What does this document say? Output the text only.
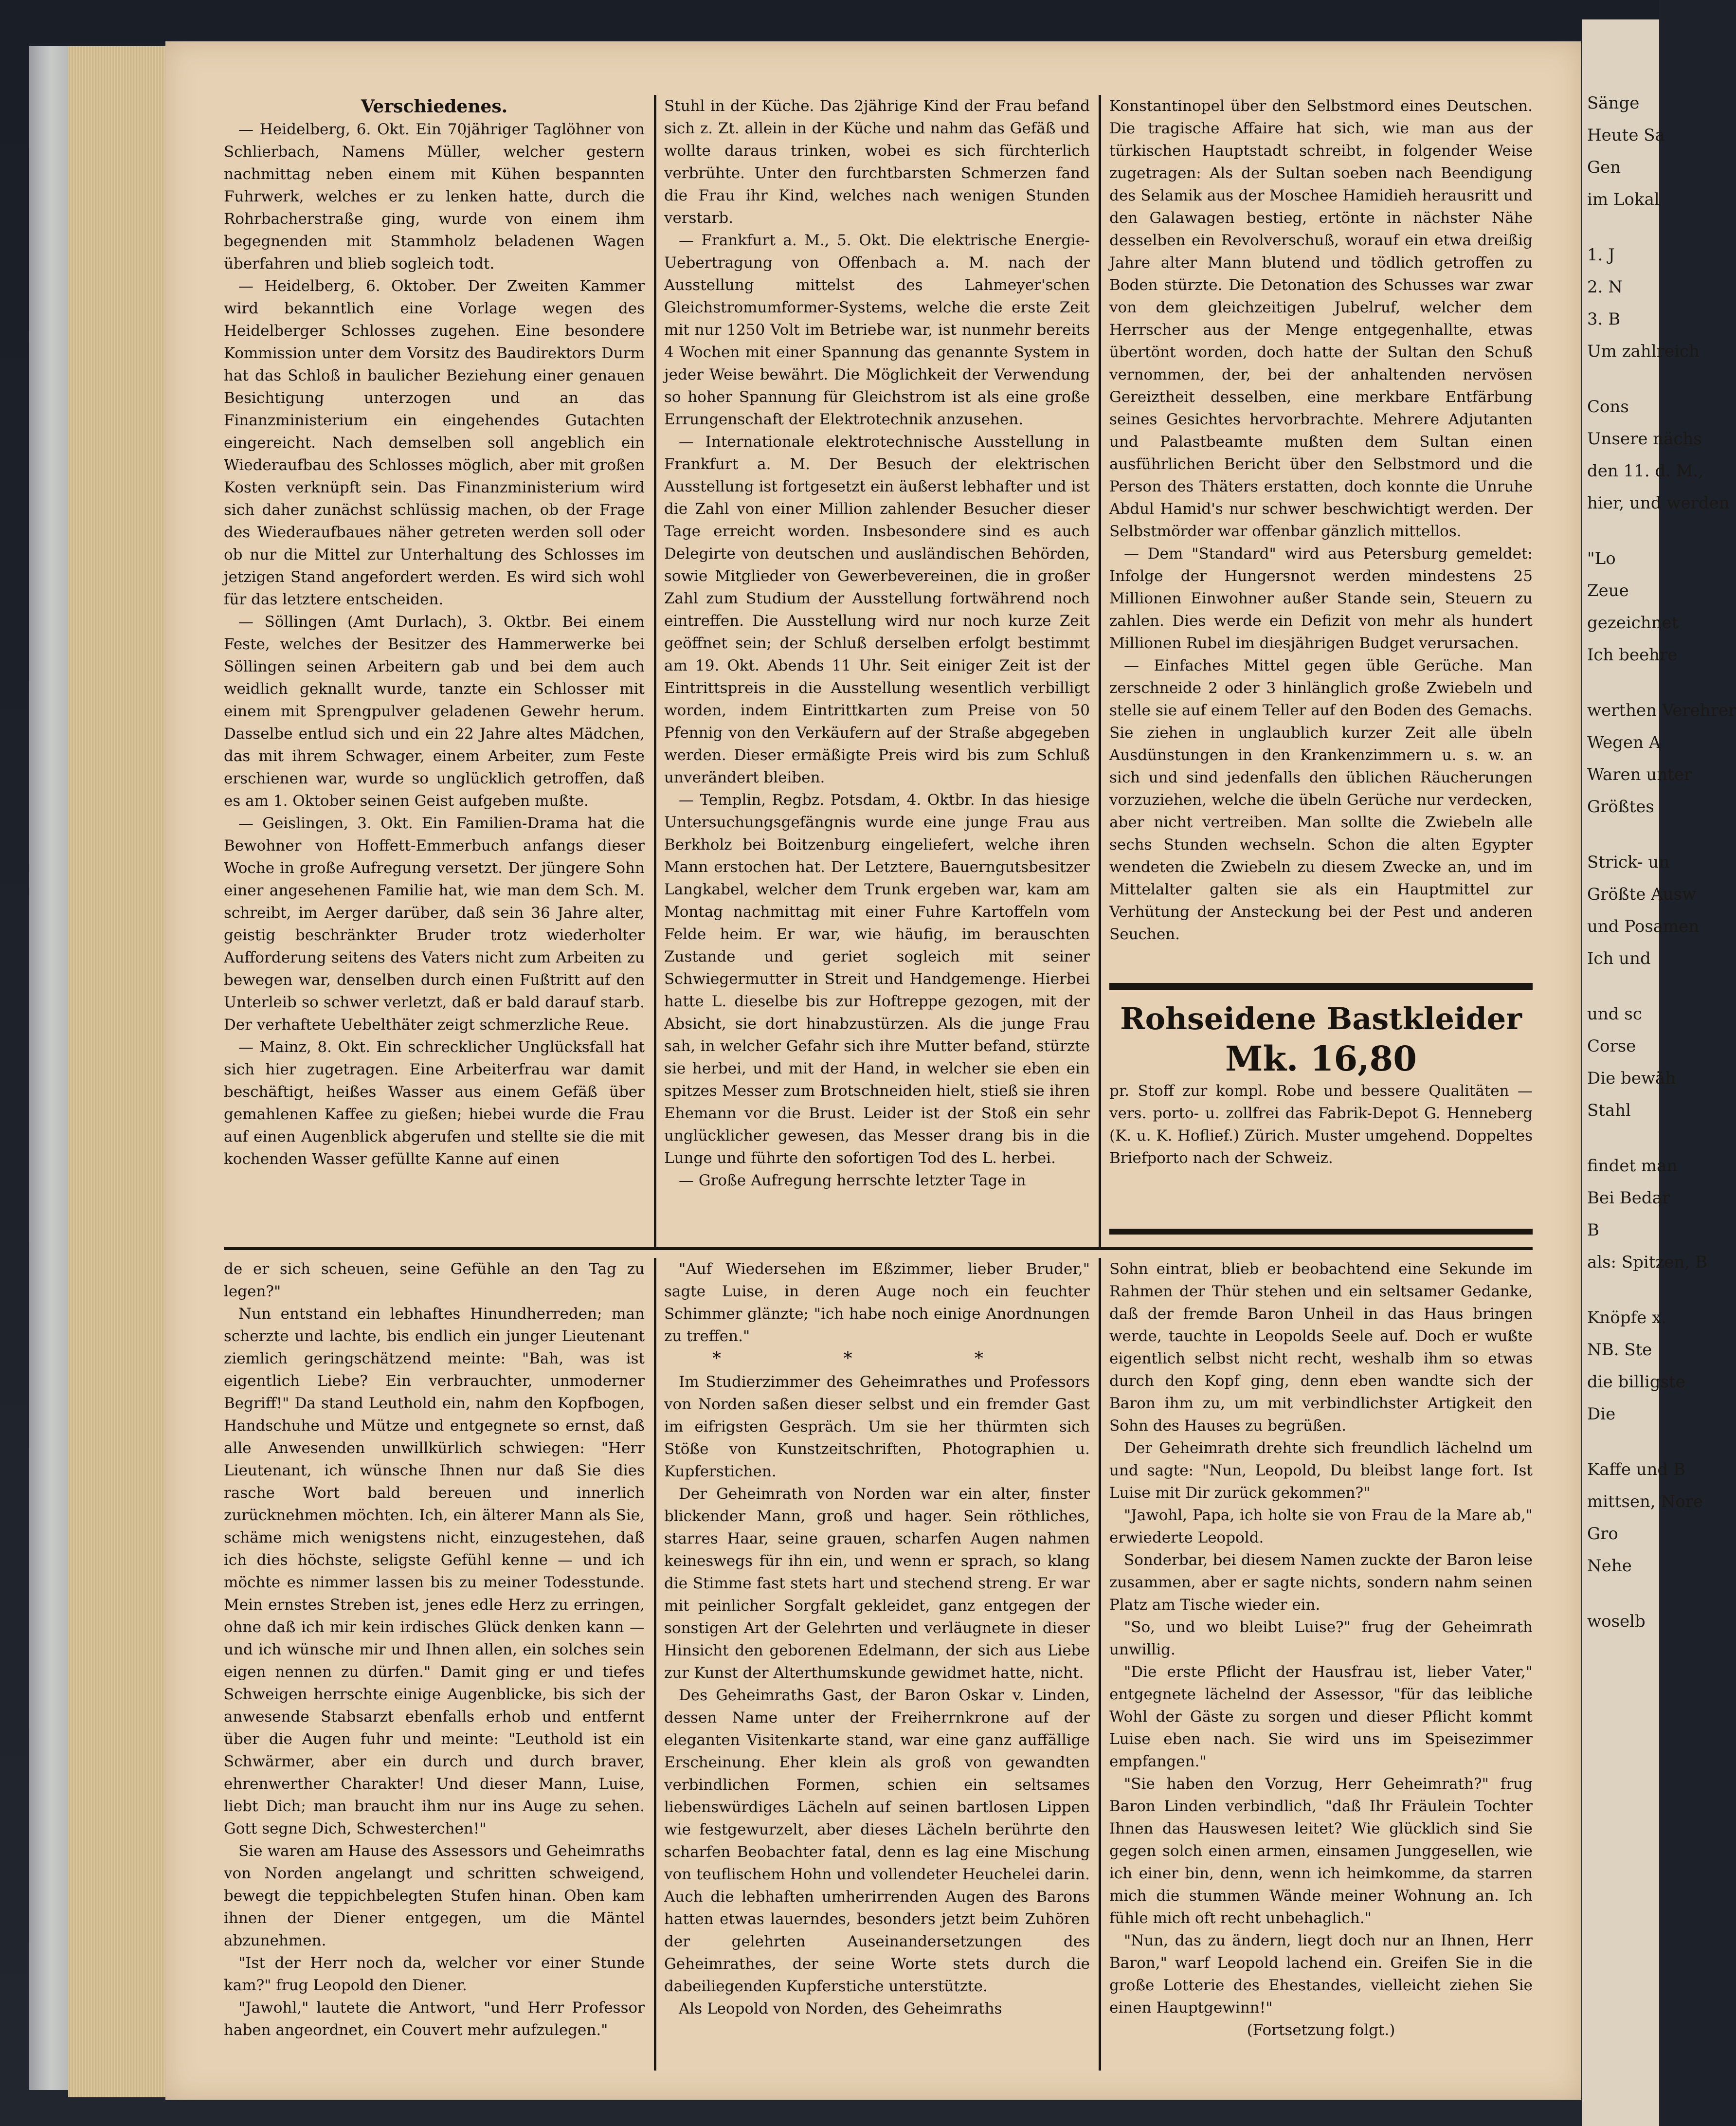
Verschiedenes.

— Heidelberg, 6. Okt. Ein 70jähriger Taglöhner von Schlierbach, Namens Müller, welcher gestern nachmittag neben einem mit Kühen bespannten Fuhrwerk, welches er zu lenken hatte, durch die Rohrbacherstraße ging, wurde von einem ihm begegnenden mit Stammholz beladenen Wagen überfahren und blieb sogleich todt.

— Heidelberg, 6. Oktober. Der Zweiten Kammer wird bekanntlich eine Vorlage wegen des Heidelberger Schlosses zugehen. Eine besondere Kommission unter dem Vorsitz des Baudirektors Durm hat das Schloß in baulicher Beziehung einer genauen Besichtigung unterzogen und an das Finanzministerium ein eingehendes Gutachten eingereicht. Nach demselben soll angeblich ein Wiederaufbau des Schlosses möglich, aber mit großen Kosten verknüpft sein. Das Finanzministerium wird sich daher zunächst schlüssig machen, ob der Frage des Wiederaufbaues näher getreten werden soll oder ob nur die Mittel zur Unterhaltung des Schlosses im jetzigen Stand angefordert werden. Es wird sich wohl für das letztere entscheiden.

— Söllingen (Amt Durlach), 3. Oktbr. Bei einem Feste, welches der Besitzer des Hammerwerke bei Söllingen seinen Arbeitern gab und bei dem auch weidlich geknallt wurde, tanzte ein Schlosser mit einem mit Sprengpulver geladenen Gewehr herum. Dasselbe entlud sich und ein 22 Jahre altes Mädchen, das mit ihrem Schwager, einem Arbeiter, zum Feste erschienen war, wurde so unglücklich getroffen, daß es am 1. Oktober seinen Geist aufgeben mußte.

— Geislingen, 3. Okt. Ein Familien-Drama hat die Bewohner von Hoffett-Emmerbuch anfangs dieser Woche in große Aufregung versetzt. Der jüngere Sohn einer angesehenen Familie hat, wie man dem Sch. M. schreibt, im Aerger darüber, daß sein 36 Jahre alter, geistig beschränkter Bruder trotz wiederholter Aufforderung seitens des Vaters nicht zum Arbeiten zu bewegen war, denselben durch einen Fußtritt auf den Unterleib so schwer verletzt, daß er bald darauf starb. Der verhaftete Uebelthäter zeigt schmerzliche Reue.

— Mainz, 8. Okt. Ein schrecklicher Unglücksfall hat sich hier zugetragen. Eine Arbeiterfrau war damit beschäftigt, heißes Wasser aus einem Gefäß über gemahlenen Kaffee zu gießen; hiebei wurde die Frau auf einen Augenblick abgerufen und stellte sie die mit kochenden Wasser gefüllte Kanne auf einen

Stuhl in der Küche. Das 2jährige Kind der Frau befand sich z. Zt. allein in der Küche und nahm das Gefäß und wollte daraus trinken, wobei es sich fürchterlich verbrühte. Unter den furchtbarsten Schmerzen fand die Frau ihr Kind, welches nach wenigen Stunden verstarb.

— Frankfurt a. M., 5. Okt. Die elektrische Energie-Uebertragung von Offenbach a. M. nach der Ausstellung mittelst des Lahmeyer'schen Gleichstromumformer-Systems, welche die erste Zeit mit nur 1250 Volt im Betriebe war, ist nunmehr bereits 4 Wochen mit einer Spannung das genannte System in jeder Weise bewährt. Die Möglichkeit der Verwendung so hoher Spannung für Gleichstrom ist als eine große Errungenschaft der Elektrotechnik anzusehen.

— Internationale elektrotechnische Ausstellung in Frankfurt a. M. Der Besuch der elektrischen Ausstellung ist fortgesetzt ein äußerst lebhafter und ist die Zahl von einer Million zahlender Besucher dieser Tage erreicht worden. Insbesondere sind es auch Delegirte von deutschen und ausländischen Behörden, sowie Mitglieder von Gewerbevereinen, die in großer Zahl zum Studium der Ausstellung fortwährend noch eintreffen. Die Ausstellung wird nur noch kurze Zeit geöffnet sein; der Schluß derselben erfolgt bestimmt am 19. Okt. Abends 11 Uhr. Seit einiger Zeit ist der Eintrittspreis in die Ausstellung wesentlich verbilligt worden, indem Eintrittkarten zum Preise von 50 Pfennig von den Verkäufern auf der Straße abgegeben werden. Dieser ermäßigte Preis wird bis zum Schluß unverändert bleiben.

— Templin, Regbz. Potsdam, 4. Oktbr. In das hiesige Untersuchungsgefängnis wurde eine junge Frau aus Berkholz bei Boitzenburg eingeliefert, welche ihren Mann erstochen hat. Der Letztere, Bauerngutsbesitzer Langkabel, welcher dem Trunk ergeben war, kam am Montag nachmittag mit einer Fuhre Kartoffeln vom Felde heim. Er war, wie häufig, im berauschten Zustande und geriet sogleich mit seiner Schwiegermutter in Streit und Handgemenge. Hierbei hatte L. dieselbe bis zur Hoftreppe gezogen, mit der Absicht, sie dort hinabzustürzen. Als die junge Frau sah, in welcher Gefahr sich ihre Mutter befand, stürzte sie herbei, und mit der Hand, in welcher sie eben ein spitzes Messer zum Brotschneiden hielt, stieß sie ihren Ehemann vor die Brust. Leider ist der Stoß ein sehr unglücklicher gewesen, das Messer drang bis in die Lunge und führte den sofortigen Tod des L. herbei.

— Große Aufregung herrschte letzter Tage in

Konstantinopel über den Selbstmord eines Deutschen. Die tragische Affaire hat sich, wie man aus der türkischen Hauptstadt schreibt, in folgender Weise zugetragen: Als der Sultan soeben nach Beendigung des Selamik aus der Moschee Hamidieh herausritt und den Galawagen bestieg, ertönte in nächster Nähe desselben ein Revolverschuß, worauf ein etwa dreißig Jahre alter Mann blutend und tödlich getroffen zu Boden stürzte. Die Detonation des Schusses war zwar von dem gleichzeitigen Jubelruf, welcher dem Herrscher aus der Menge entgegenhallte, etwas übertönt worden, doch hatte der Sultan den Schuß vernommen, der, bei der anhaltenden nervösen Gereiztheit desselben, eine merkbare Entfärbung seines Gesichtes hervorbrachte. Mehrere Adjutanten und Palastbeamte mußten dem Sultan einen ausführlichen Bericht über den Selbstmord und die Person des Thäters erstatten, doch konnte die Unruhe Abdul Hamid's nur schwer beschwichtigt werden. Der Selbstmörder war offenbar gänzlich mittellos.

— Dem "Standard" wird aus Petersburg gemeldet: Infolge der Hungersnot werden mindestens 25 Millionen Einwohner außer Stande sein, Steuern zu zahlen. Dies werde ein Defizit von mehr als hundert Millionen Rubel im diesjährigen Budget verursachen.

— Einfaches Mittel gegen üble Gerüche. Man zerschneide 2 oder 3 hinlänglich große Zwiebeln und stelle sie auf einem Teller auf den Boden des Gemachs. Sie ziehen in unglaublich kurzer Zeit alle übeln Ausdünstungen in den Krankenzimmern u. s. w. an sich und sind jedenfalls den üblichen Räucherungen vorzuziehen, welche die übeln Gerüche nur verdecken, aber nicht vertreiben. Man sollte die Zwiebeln alle sechs Stunden wechseln. Schon die alten Egypter wendeten die Zwiebeln zu diesem Zwecke an, und im Mittelalter galten sie als ein Hauptmittel zur Verhütung der Ansteckung bei der Pest und anderen Seuchen.

Rohseidene Bastkleider
Mk. 16,80
pr. Stoff zur kompl. Robe und bessere Qualitäten — vers. porto- u. zollfrei das Fabrik-Depot G. Henneberg (K. u. K. Hoflief.) Zürich. Muster umgehend. Doppeltes Briefporto nach der Schweiz.

de er sich scheuen, seine Gefühle an den Tag zu legen?"

Nun entstand ein lebhaftes Hinundherreden; man scherzte und lachte, bis endlich ein junger Lieutenant ziemlich geringschätzend meinte: "Bah, was ist eigentlich Liebe? Ein verbrauchter, unmoderner Begriff!" Da stand Leuthold ein, nahm den Kopfbogen, Handschuhe und Mütze und entgegnete so ernst, daß alle Anwesenden unwillkürlich schwiegen: "Herr Lieutenant, ich wünsche Ihnen nur daß Sie dies rasche Wort bald bereuen und innerlich zurücknehmen möchten. Ich, ein älterer Mann als Sie, schäme mich wenigstens nicht, einzugestehen, daß ich dies höchste, seligste Gefühl kenne — und ich möchte es nimmer lassen bis zu meiner Todesstunde. Mein ernstes Streben ist, jenes edle Herz zu erringen, ohne daß ich mir kein irdisches Glück denken kann — und ich wünsche mir und Ihnen allen, ein solches sein eigen nennen zu dürfen." Damit ging er und tiefes Schweigen herrschte einige Augenblicke, bis sich der anwesende Stabsarzt ebenfalls erhob und entfernt über die Augen fuhr und meinte: "Leuthold ist ein Schwärmer, aber ein durch und durch braver, ehrenwerther Charakter! Und dieser Mann, Luise, liebt Dich; man braucht ihm nur ins Auge zu sehen. Gott segne Dich, Schwesterchen!"

Sie waren am Hause des Assessors und Geheimraths von Norden angelangt und schritten schweigend, bewegt die teppichbelegten Stufen hinan. Oben kam ihnen der Diener entgegen, um die Mäntel abzunehmen.

"Ist der Herr noch da, welcher vor einer Stunde kam?" frug Leopold den Diener.

"Jawohl," lautete die Antwort, "und Herr Professor haben angeordnet, ein Couvert mehr aufzulegen."

"Auf Wiedersehen im Eßzimmer, lieber Bruder," sagte Luise, in deren Auge noch ein feuchter Schimmer glänzte; "ich habe noch einige Anordnungen zu treffen."

* * *

Im Studierzimmer des Geheimrathes und Professors von Norden saßen dieser selbst und ein fremder Gast im eifrigsten Gespräch. Um sie her thürmten sich Stöße von Kunstzeitschriften, Photographien u. Kupferstichen.

Der Geheimrath von Norden war ein alter, finster blickender Mann, groß und hager. Sein röthliches, starres Haar, seine grauen, scharfen Augen nahmen keineswegs für ihn ein, und wenn er sprach, so klang die Stimme fast stets hart und stechend streng. Er war mit peinlicher Sorgfalt gekleidet, ganz entgegen der sonstigen Art der Gelehrten und verläugnete in dieser Hinsicht den geborenen Edelmann, der sich aus Liebe zur Kunst der Alterthumskunde gewidmet hatte, nicht.

Des Geheimraths Gast, der Baron Oskar v. Linden, dessen Name unter der Freiherrnkrone auf der eleganten Visitenkarte stand, war eine ganz auffällige Erscheinung. Eher klein als groß von gewandten verbindlichen Formen, schien ein seltsames liebenswürdiges Lächeln auf seinen bartlosen Lippen wie festgewurzelt, aber dieses Lächeln berührte den scharfen Beobachter fatal, denn es lag eine Mischung von teuflischem Hohn und vollendeter Heuchelei darin. Auch die lebhaften umherirrenden Augen des Barons hatten etwas lauerndes, besonders jetzt beim Zuhören der gelehrten Auseinandersetzungen des Geheimrathes, der seine Worte stets durch die dabeiliegenden Kupferstiche unterstützte.

Als Leopold von Norden, des Geheimraths

Sohn eintrat, blieb er beobachtend eine Sekunde im Rahmen der Thür stehen und ein seltsamer Gedanke, daß der fremde Baron Unheil in das Haus bringen werde, tauchte in Leopolds Seele auf. Doch er wußte eigentlich selbst nicht recht, weshalb ihm so etwas durch den Kopf ging, denn eben wandte sich der Baron ihm zu, um mit verbindlichster Artigkeit den Sohn des Hauses zu begrüßen.

Der Geheimrath drehte sich freundlich lächelnd um und sagte: "Nun, Leopold, Du bleibst lange fort. Ist Luise mit Dir zurück gekommen?"

"Jawohl, Papa, ich holte sie von Frau de la Mare ab," erwiederte Leopold.

Sonderbar, bei diesem Namen zuckte der Baron leise zusammen, aber er sagte nichts, sondern nahm seinen Platz am Tische wieder ein.

"So, und wo bleibt Luise?" frug der Geheimrath unwillig.

"Die erste Pflicht der Hausfrau ist, lieber Vater," entgegnete lächelnd der Assessor, "für das leibliche Wohl der Gäste zu sorgen und dieser Pflicht kommt Luise eben nach. Sie wird uns im Speisezimmer empfangen."

"Sie haben den Vorzug, Herr Geheimrath?" frug Baron Linden verbindlich, "daß Ihr Fräulein Tochter Ihnen das Hauswesen leitet? Wie glücklich sind Sie gegen solch einen armen, einsamen Junggesellen, wie ich einer bin, denn, wenn ich heimkomme, da starren mich die stummen Wände meiner Wohnung an. Ich fühle mich oft recht unbehaglich."

"Nun, das zu ändern, liegt doch nur an Ihnen, Herr Baron," warf Leopold lachend ein. Greifen Sie in die große Lotterie des Ehestandes, vielleicht ziehen Sie einen Hauptgewinn!"

(Fortsetzung folgt.)
Sänge
Heute Sa
Gen
im Lokal
1. J
2. N
3. B
Um zahlreich
Cons
Unsere nächs
den 11. d. M.,
hier, und werden
"Lo
Zeue
gezeichnet
Ich beehre
werthen Verehrer
Wegen A
Waren unter
Größtes
Strick- un
Größte Ausw
und Posamen
Ich und
und sc
Corse
Die bewäh
Stahl
findet man
Bei Bedar
B
als: Spitzen, B
Knöpfe x.
NB. Ste
die billigste
Die
Kaffe und B
mittsen, Nore
Gro
Nehe
woselb
